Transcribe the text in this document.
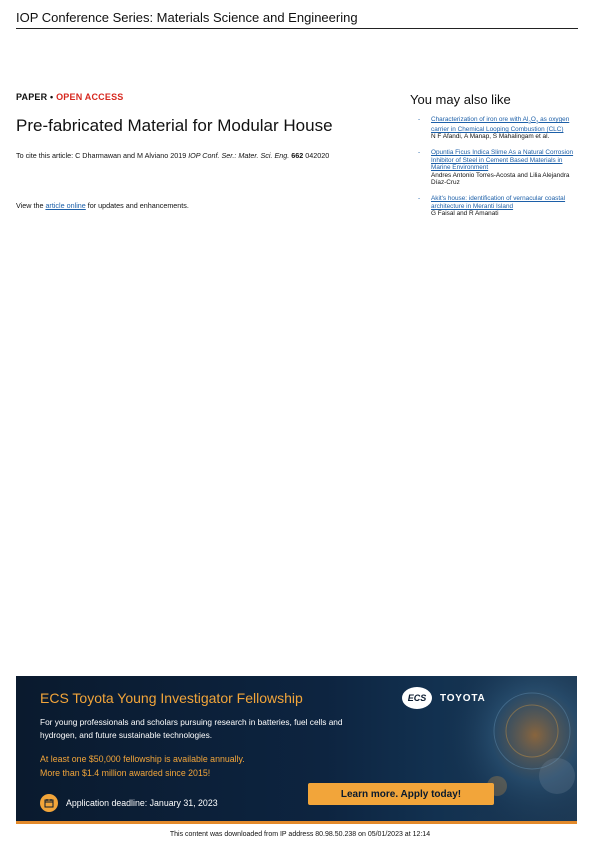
IOP Conference Series: Materials Science and Engineering
PAPER • OPEN ACCESS
Pre-fabricated Material for Modular House
To cite this article: C Dharmawan and M Alviano 2019 IOP Conf. Ser.: Mater. Sci. Eng. 662 042020
View the article online for updates and enhancements.
You may also like
- Characterization of iron ore with $Al_2O_3$ as oxygen carrier in Chemical Looping Combustion (CLC)
N F Afandi, A Manap, S Mahalingam et al.
- Opuntia Ficus Indica Slime As a Natural Corrosion Inhibitor of Steel in Cement Based Materials in Marine Environment
Andres Antonio Torres-Acosta and Lilia Alejandra Díaz-Cruz
- Akit's house: identification of vernacular coastal architecture in Meranti Island
G Faisal and R Amanati
ECS Toyota Young Investigator Fellowship
For young professionals and scholars pursuing research in batteries, fuel cells and hydrogen, and future sustainable technologies.
At least one $50,000 fellowship is available annually.
More than $1.4 million awarded since 2015!
ECS	TOYOTA
Application deadline: January 31, 2023
Learn more. Apply today!
This content was downloaded from IP address 80.98.50.238 on 05/01/2023 at 12:14
